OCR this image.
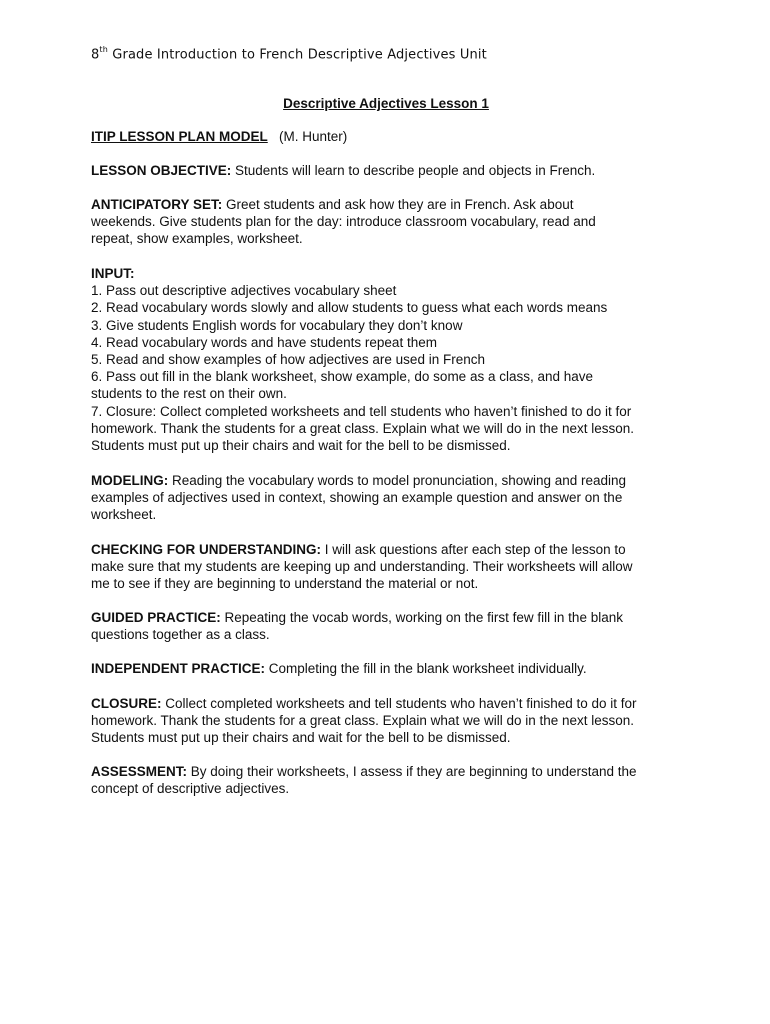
8th Grade Introduction to French Descriptive Adjectives Unit
Descriptive Adjectives Lesson 1
ITIP LESSON PLAN MODEL   (M. Hunter)
LESSON OBJECTIVE: Students will learn to describe people and objects in French.

ANTICIPATORY SET: Greet students and ask how they are in French. Ask about

weekends. Give students plan for the day: introduce classroom vocabulary, read and

repeat, show examples, worksheet.

INPUT:

1. Pass out descriptive adjectives vocabulary sheet

2. Read vocabulary words slowly and allow students to guess what each words means

3. Give students English words for vocabulary they don’t know

4. Read vocabulary words and have students repeat them

5. Read and show examples of how adjectives are used in French

6. Pass out fill in the blank worksheet, show example, do some as a class, and have

students to the rest on their own.

7. Closure: Collect completed worksheets and tell students who haven’t finished to do it for

homework. Thank the students for a great class. Explain what we will do in the next lesson.

Students must put up their chairs and wait for the bell to be dismissed.

MODELING: Reading the vocabulary words to model pronunciation, showing and reading

examples of adjectives used in context, showing an example question and answer on the

worksheet.

CHECKING FOR UNDERSTANDING: I will ask questions after each step of the lesson to

make sure that my students are keeping up and understanding. Their worksheets will allow

me to see if they are beginning to understand the material or not.

GUIDED PRACTICE: Repeating the vocab words, working on the first few fill in the blank

questions together as a class.

INDEPENDENT PRACTICE: Completing the fill in the blank worksheet individually.

CLOSURE: Collect completed worksheets and tell students who haven’t finished to do it for

homework. Thank the students for a great class. Explain what we will do in the next lesson.

Students must put up their chairs and wait for the bell to be dismissed.

ASSESSMENT: By doing their worksheets, I assess if they are beginning to understand the

concept of descriptive adjectives.
